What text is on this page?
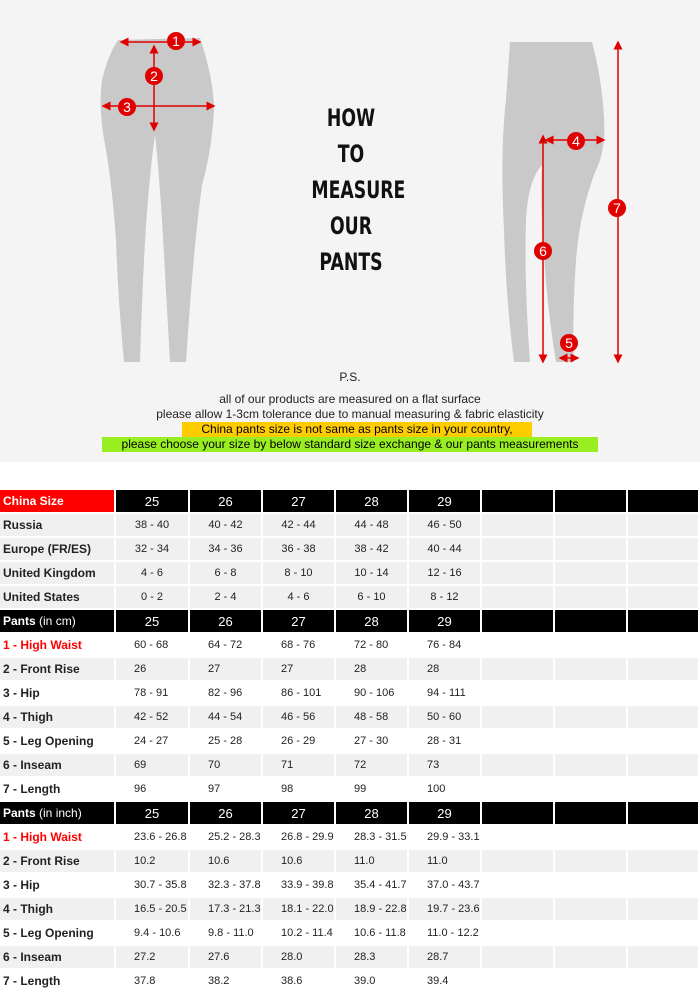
1
2
3
4
5
6
7
HOW
TO
MEASURE
OUR
PANTS
P.S.
all of our products are measured on a flat surface
please allow 1-3cm tolerance due to manual measuring & fabric elasticity
China pants size is not same as pants size in your country,
please choose your size by below standard size exchange & our pants measurements
China Size	25	26	27	28	29			
Russia	38 - 40	40 - 42	42 - 44	44 - 48	46 - 50			
Europe (FR/ES)	32 - 34	34 - 36	36 - 38	38 - 42	40 - 44			
United Kingdom	4 - 6	6 - 8	8 - 10	10 - 14	12 - 16			
United States	0 - 2	2 - 4	4 - 6	6 - 10	8 - 12			
Pants (in cm)	25	26	27	28	29			
1 - High Waist	60 - 68	64 - 72	68 - 76	72 - 80	76 - 84			
2 - Front Rise	26	27	27	28	28			
3 - Hip	78 - 91	82 - 96	86 - 101	90 - 106	94 - 111			
4 - Thigh	42 - 52	44 - 54	46 - 56	48 - 58	50 - 60			
5 - Leg Opening	24 - 27	25 - 28	26 - 29	27 - 30	28 - 31			
6 - Inseam	69	70	71	72	73			
7 - Length	96	97	98	99	100			
Pants (in inch)	25	26	27	28	29			
1 - High Waist	23.6 - 26.8	25.2 - 28.3	26.8 - 29.9	28.3 - 31.5	29.9 - 33.1			
2 - Front Rise	10.2	10.6	10.6	11.0	11.0			
3 - Hip	30.7 - 35.8	32.3 - 37.8	33.9 - 39.8	35.4 - 41.7	37.0 - 43.7			
4 - Thigh	16.5 - 20.5	17.3 - 21.3	18.1 - 22.0	18.9 - 22.8	19.7 - 23.6			
5 - Leg Opening	9.4 - 10.6	9.8 - 11.0	10.2 - 11.4	10.6 - 11.8	11.0 - 12.2			
6 - Inseam	27.2	27.6	28.0	28.3	28.7			
7 - Length	37.8	38.2	38.6	39.0	39.4			
